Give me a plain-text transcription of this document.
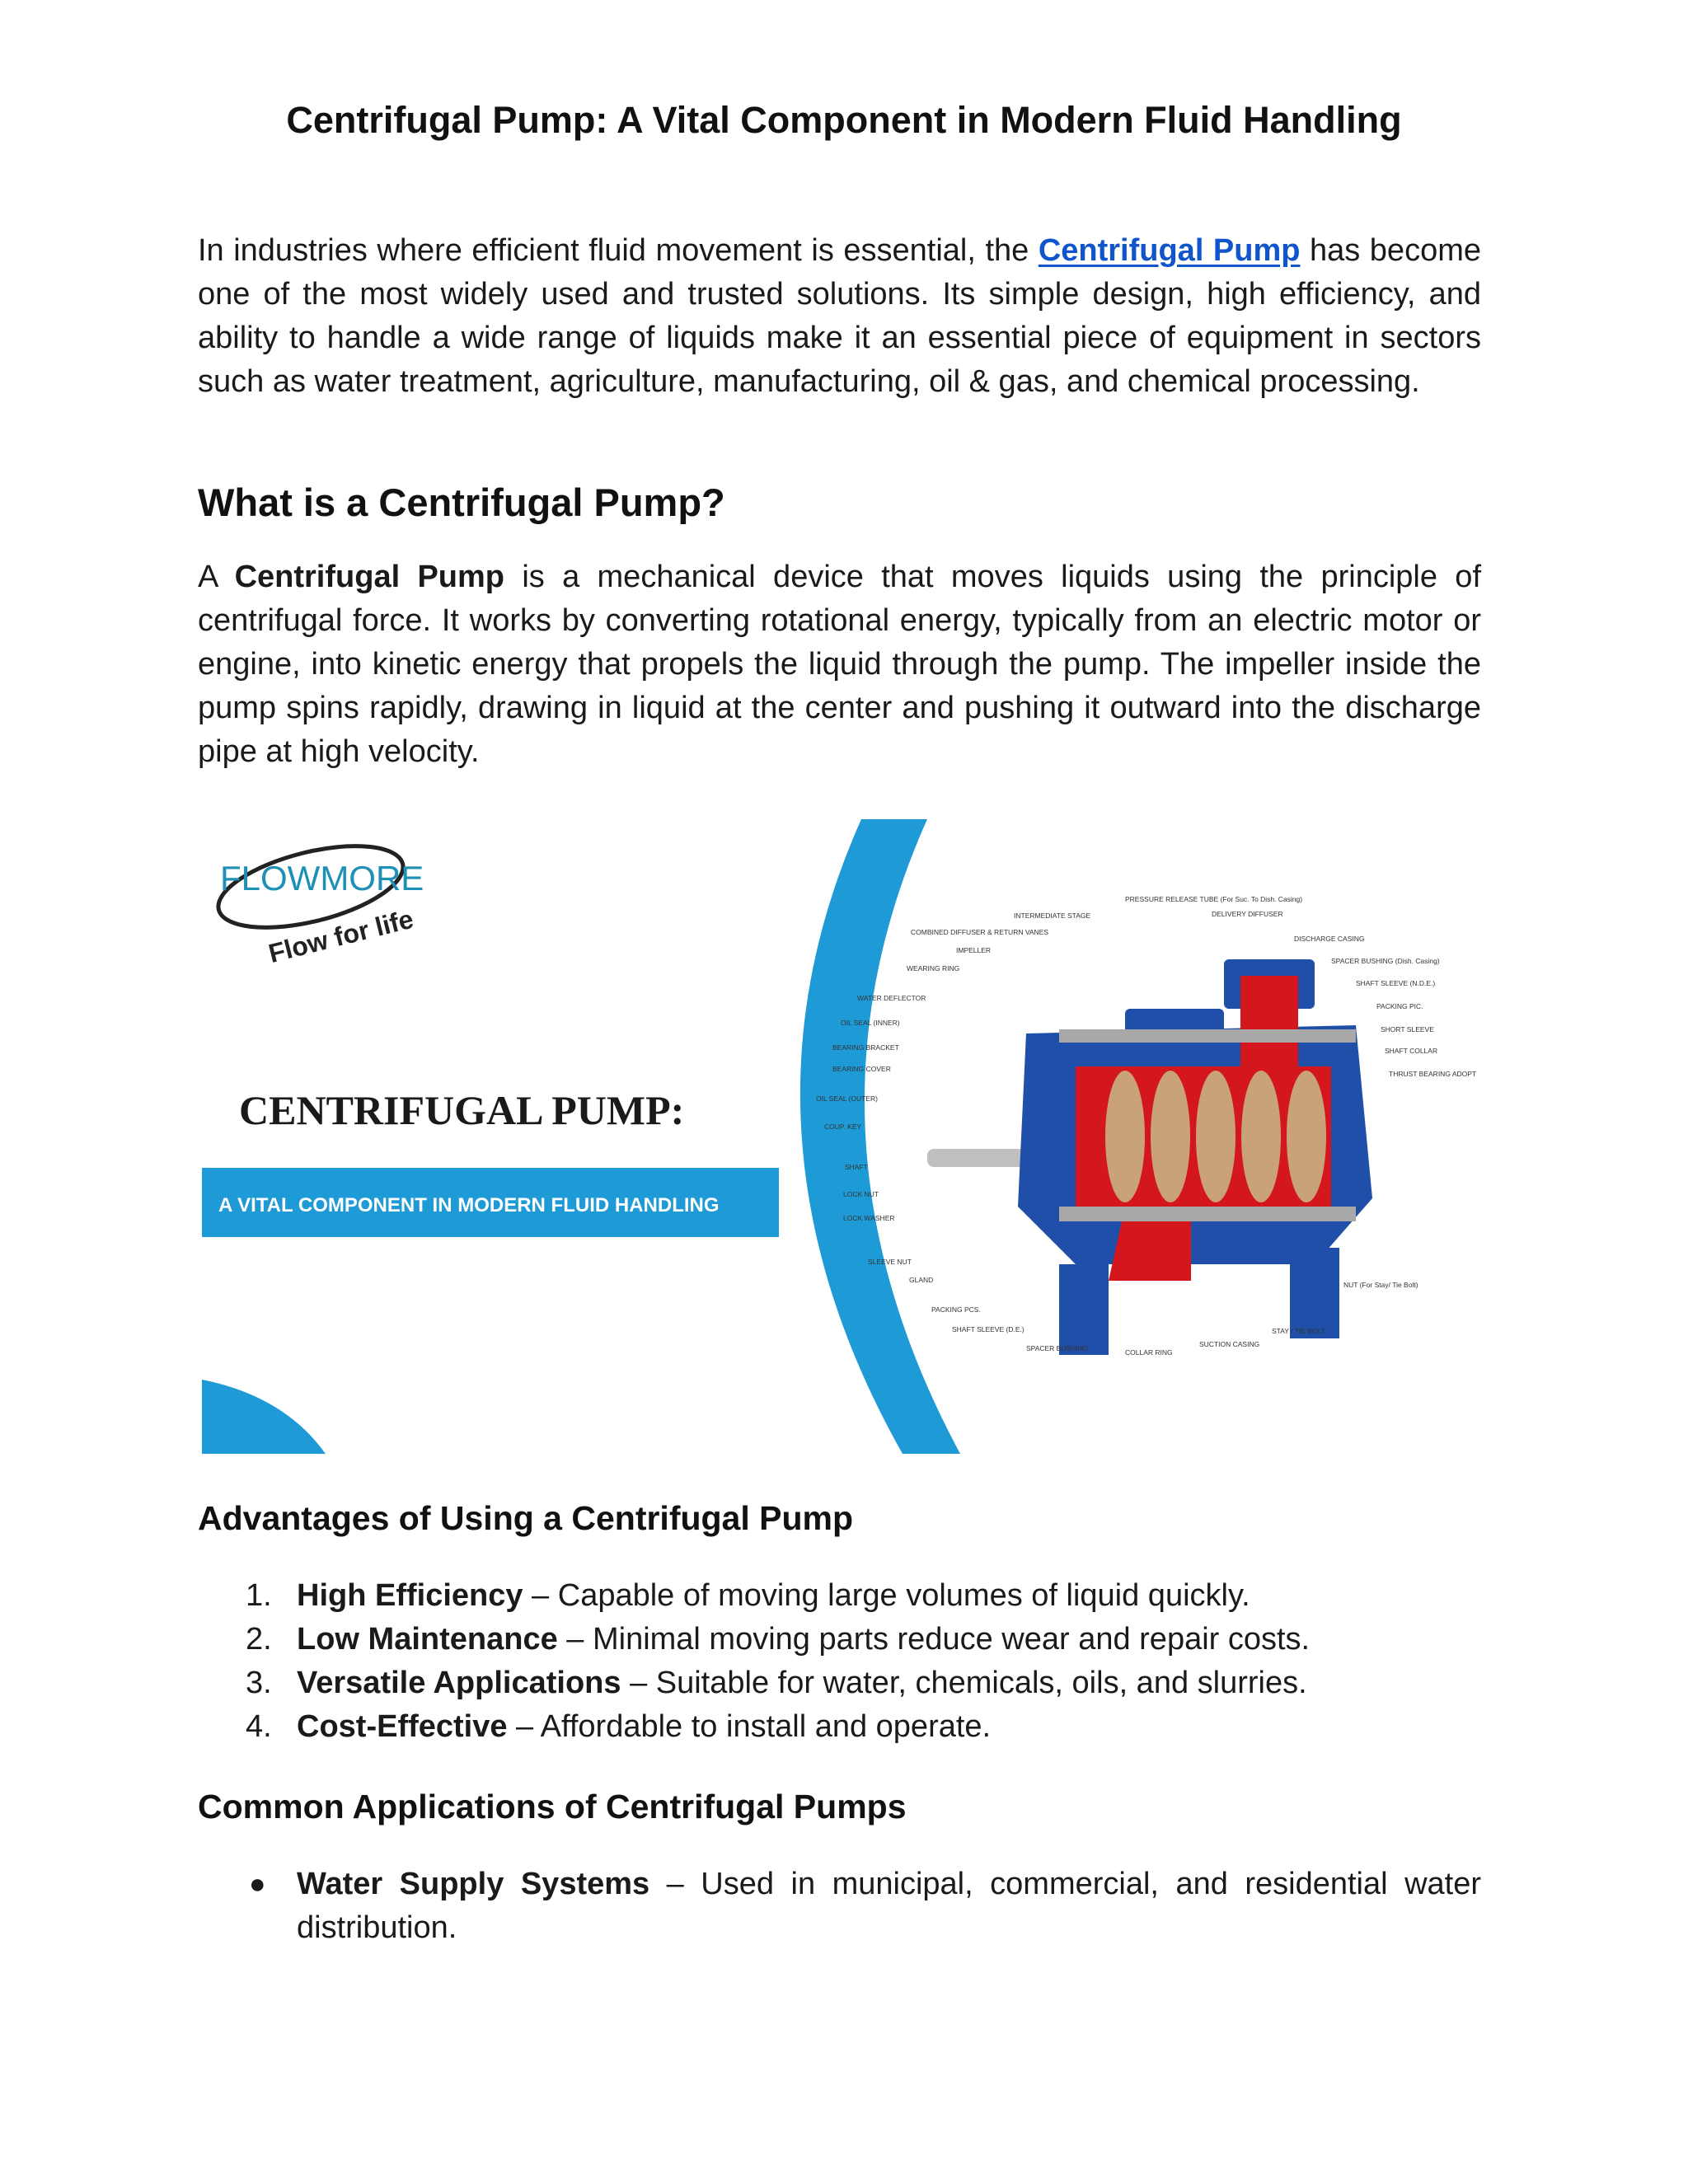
Centrifugal Pump: A Vital Component in Modern Fluid Handling

In industries where efficient fluid movement is essential, the Centrifugal Pump has become one of the most widely used and trusted solutions. Its simple design, high efficiency, and ability to handle a wide range of liquids make it an essential piece of equipment in sectors such as water treatment, agriculture, manufacturing, oil & gas, and chemical processing.

What is a Centrifugal Pump?

A Centrifugal Pump is a mechanical device that moves liquids using the principle of centrifugal force. It works by converting rotational energy, typically from an electric motor or engine, into kinetic energy that propels the liquid through the pump. The impeller inside the pump spins rapidly, drawing in liquid at the center and pushing it outward into the discharge pipe at high velocity.

FLOWMORE
Flow for life
CENTRIFUGAL PUMP:
A VITAL COMPONENT IN MODERN FLUID HANDLING
COMBINED DIFFUSER & RETURN VANES
IMPELLER
WEARING RING
WATER DEFLECTOR
OIL SEAL (INNER)
BEARING BRACKET
BEARING COVER
OIL SEAL (OUTER)
COUP. KEY
SHAFT
LOCK NUT
LOCK WASHER
SLEEVE NUT
GLAND
PACKING PCS.
SHAFT SLEEVE (D.E.)
INTERMEDIATE STAGE
PRESSURE RELEASE TUBE (For Suc. To Dish. Casing)
DELIVERY DIFFUSER
DISCHARGE CASING
SPACER BUSHING (Dish. Casing)
SHAFT SLEEVE (N.D.E.)
PACKING PIC.
SHORT SLEEVE
SHAFT COLLAR
THRUST BEARING ADOPT
NUT (For Stay/ Tie Bolt)
SPACER BUSHING	COLLAR RING
SUCTION CASING
STAY / TIE BOLT
Advantages of Using a Centrifugal Pump
1. High Efficiency – Capable of moving large volumes of liquid quickly.
2. Low Maintenance – Minimal moving parts reduce wear and repair costs.
3. Versatile Applications – Suitable for water, chemicals, oils, and slurries.
4. Cost-Effective – Affordable to install and operate.
Common Applications of Centrifugal Pumps
● Water Supply Systems – Used in municipal, commercial, and residential water distribution.
